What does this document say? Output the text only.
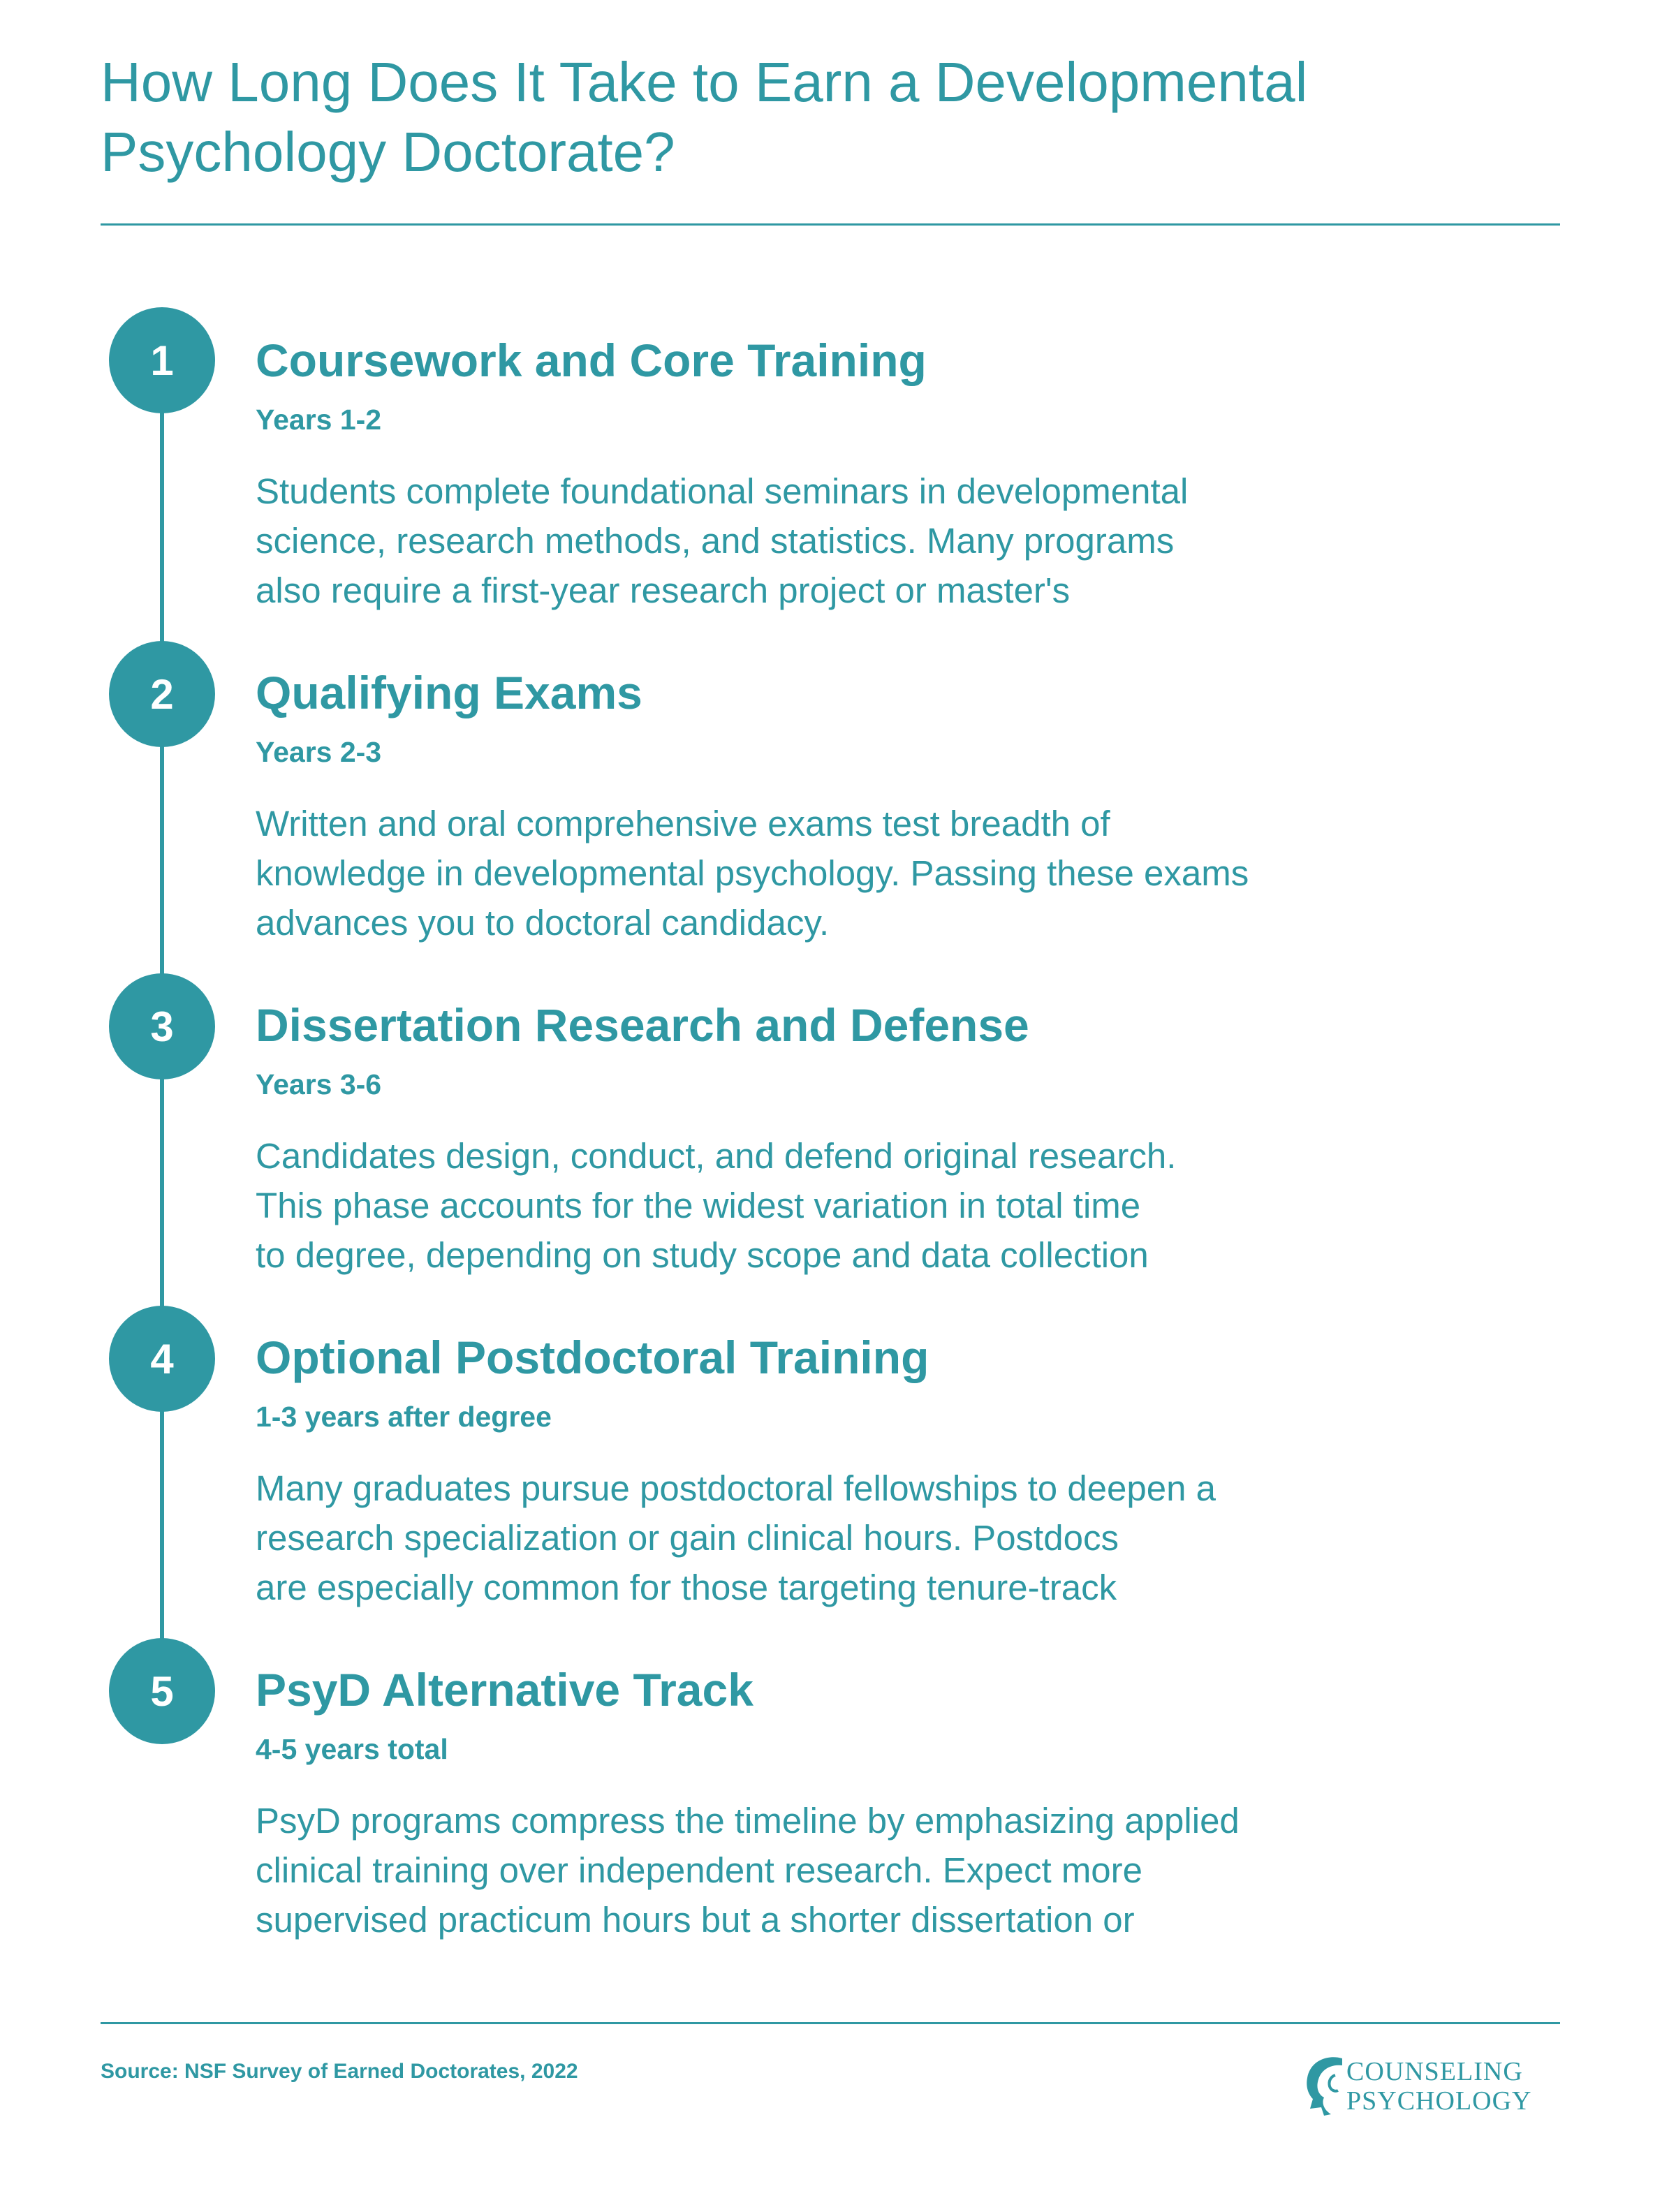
How Long Does It Take to Earn a Developmental
Psychology Doctorate?
1	Coursework and Core Training
Years 1-2
Students complete foundational seminars in developmental
science, research methods, and statistics. Many programs
also require a first-year research project or master's
2	Qualifying Exams
Years 2-3
Written and oral comprehensive exams test breadth of
knowledge in developmental psychology. Passing these exams
advances you to doctoral candidacy.
3	Dissertation Research and Defense
Years 3-6
Candidates design, conduct, and defend original research.
This phase accounts for the widest variation in total time
to degree, depending on study scope and data collection
4	Optional Postdoctoral Training
1-3 years after degree
Many graduates pursue postdoctoral fellowships to deepen a
research specialization or gain clinical hours. Postdocs
are especially common for those targeting tenure-track
5	PsyD Alternative Track
4-5 years total
PsyD programs compress the timeline by emphasizing applied
clinical training over independent research. Expect more
supervised practicum hours but a shorter dissertation or
Source: NSF Survey of Earned Doctorates, 2022	COUNSELING
PSYCHOLOGY
